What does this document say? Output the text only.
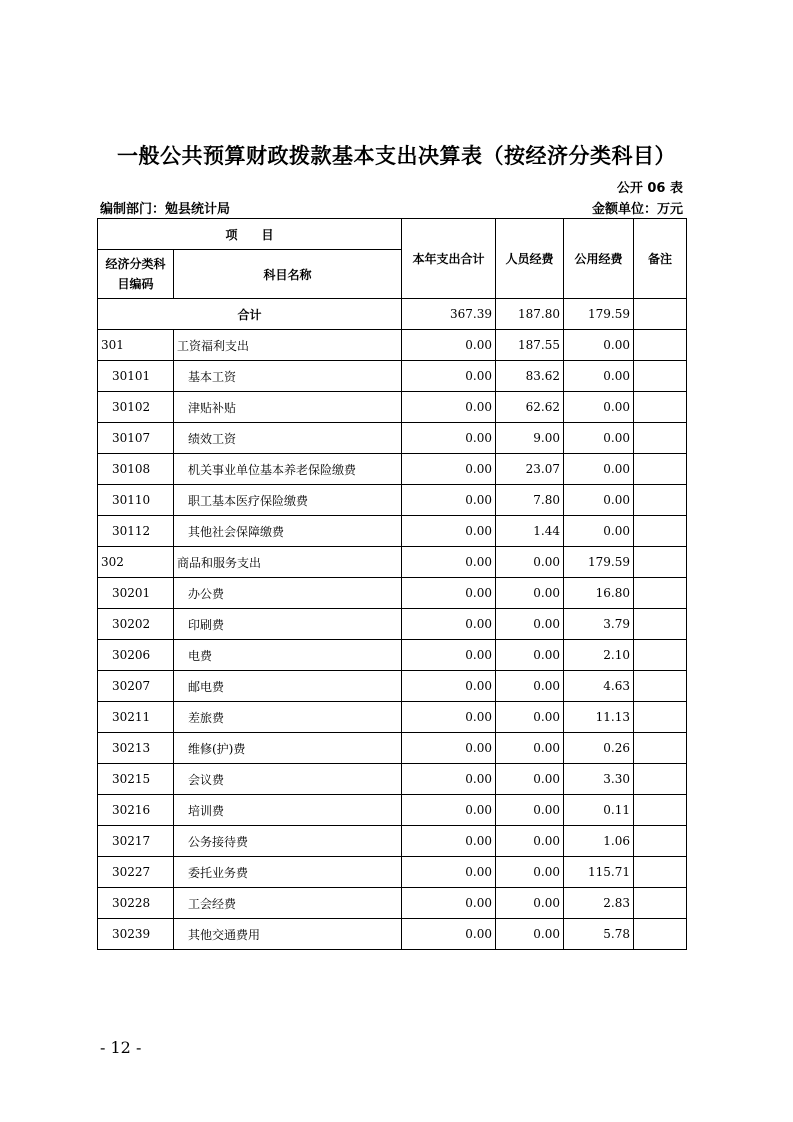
一般公共预算财政拨款基本支出决算表（按经济分类科目）
公开 06 表
编制部门：勉县统计局	金额单位：万元
项　　目		本年支出合计	人员经费	公用经费	备注
经济分类科目编码	科目名称				
合计		367.39	187.80	179.59	
301	工资福利支出	0.00	187.55	0.00	
30101	基本工资	0.00	83.62	0.00	
30102	津贴补贴	0.00	62.62	0.00	
30107	绩效工资	0.00	9.00	0.00	
30108	机关事业单位基本养老保险缴费	0.00	23.07	0.00	
30110	职工基本医疗保险缴费	0.00	7.80	0.00	
30112	其他社会保障缴费	0.00	1.44	0.00	
302	商品和服务支出	0.00	0.00	179.59	
30201	办公费	0.00	0.00	16.80	
30202	印刷费	0.00	0.00	3.79	
30206	电费	0.00	0.00	2.10	
30207	邮电费	0.00	0.00	4.63	
30211	差旅费	0.00	0.00	11.13	
30213	维修(护)费	0.00	0.00	0.26	
30215	会议费	0.00	0.00	3.30	
30216	培训费	0.00	0.00	0.11	
30217	公务接待费	0.00	0.00	1.06	
30227	委托业务费	0.00	0.00	115.71	
30228	工会经费	0.00	0.00	2.83	
30239	其他交通费用	0.00	0.00	5.78	
- 12 -
